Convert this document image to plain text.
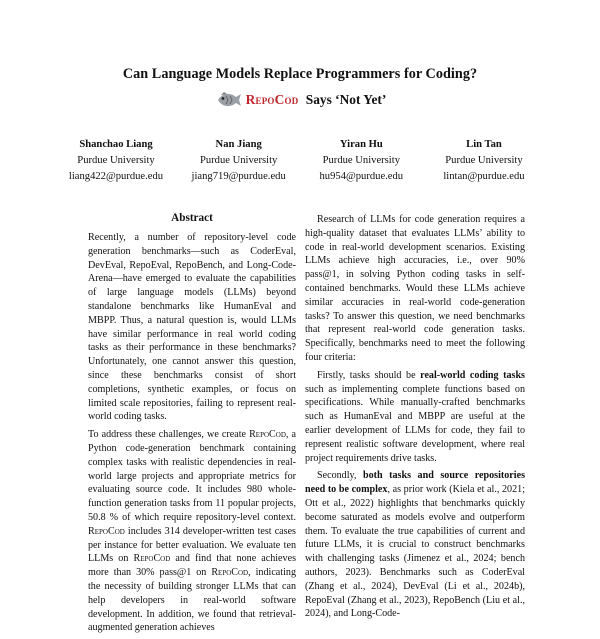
Can Language Models Replace Programmers for Coding?
RepoCod Says ‘Not Yet’
Shanchao Liang
Purdue University
liang422@purdue.edu
Nan Jiang
Purdue University
jiang719@purdue.edu
Yiran Hu
Purdue University
hu954@purdue.edu
Lin Tan
Purdue University
lintan@purdue.edu
Abstract

Recently, a number of repository-level code generation benchmarks—such as CoderEval, DevEval, RepoEval, RepoBench, and Long-Code-Arena—have emerged to evaluate the capabilities of large language models (LLMs) beyond standalone benchmarks like HumanEval and MBPP. Thus, a natural question is, would LLMs have similar performance in real world coding tasks as their performance in these benchmarks? Unfortunately, one cannot answer this question, since these benchmarks consist of short completions, synthetic examples, or focus on limited scale repositories, failing to represent real-world coding tasks.

To address these challenges, we create RepoCod, a Python code-generation benchmark containing complex tasks with realistic dependencies in real-world large projects and appropriate metrics for evaluating source code. It includes 980 whole-function generation tasks from 11 popular projects, 50.8 % of which require repository-level context. RepoCod includes 314 developer-written test cases per instance for better evaluation. We evaluate ten LLMs on RepoCod and find that none achieves more than 30% pass@1 on RepoCod, indicating the necessity of building stronger LLMs that can help developers in real-world software development. In addition, we found that retrieval-augmented generation achieves

Research of LLMs for code generation requires a high-quality dataset that evaluates LLMs’ ability to code in real-world development scenarios. Existing LLMs achieve high accuracies, i.e., over 90% pass@1, in solving Python coding tasks in self-contained benchmarks. Would these LLMs achieve similar accuracies in real-world code-generation tasks? To answer this question, we need benchmarks that represent real-world code generation tasks. Specifically, benchmarks need to meet the following four criteria:

Firstly, tasks should be real-world coding tasks such as implementing complete functions based on specifications. While manually-crafted benchmarks such as HumanEval and MBPP are useful at the earlier development of LLMs for code, they fail to represent realistic software development, where real project requirements drive tasks.

Secondly, both tasks and source repositories need to be complex, as prior work (Kiela et al., 2021; Ott et al., 2022) highlights that benchmarks quickly become saturated as models evolve and outperform them. To evaluate the true capabilities of current and future LLMs, it is crucial to construct benchmarks with challenging tasks (Jimenez et al., 2024; bench authors, 2023). Benchmarks such as CoderEval (Zhang et al., 2024), DevEval (Li et al., 2024b), RepoEval (Zhang et al., 2023), RepoBench (Liu et al., 2024), and Long-Code-
